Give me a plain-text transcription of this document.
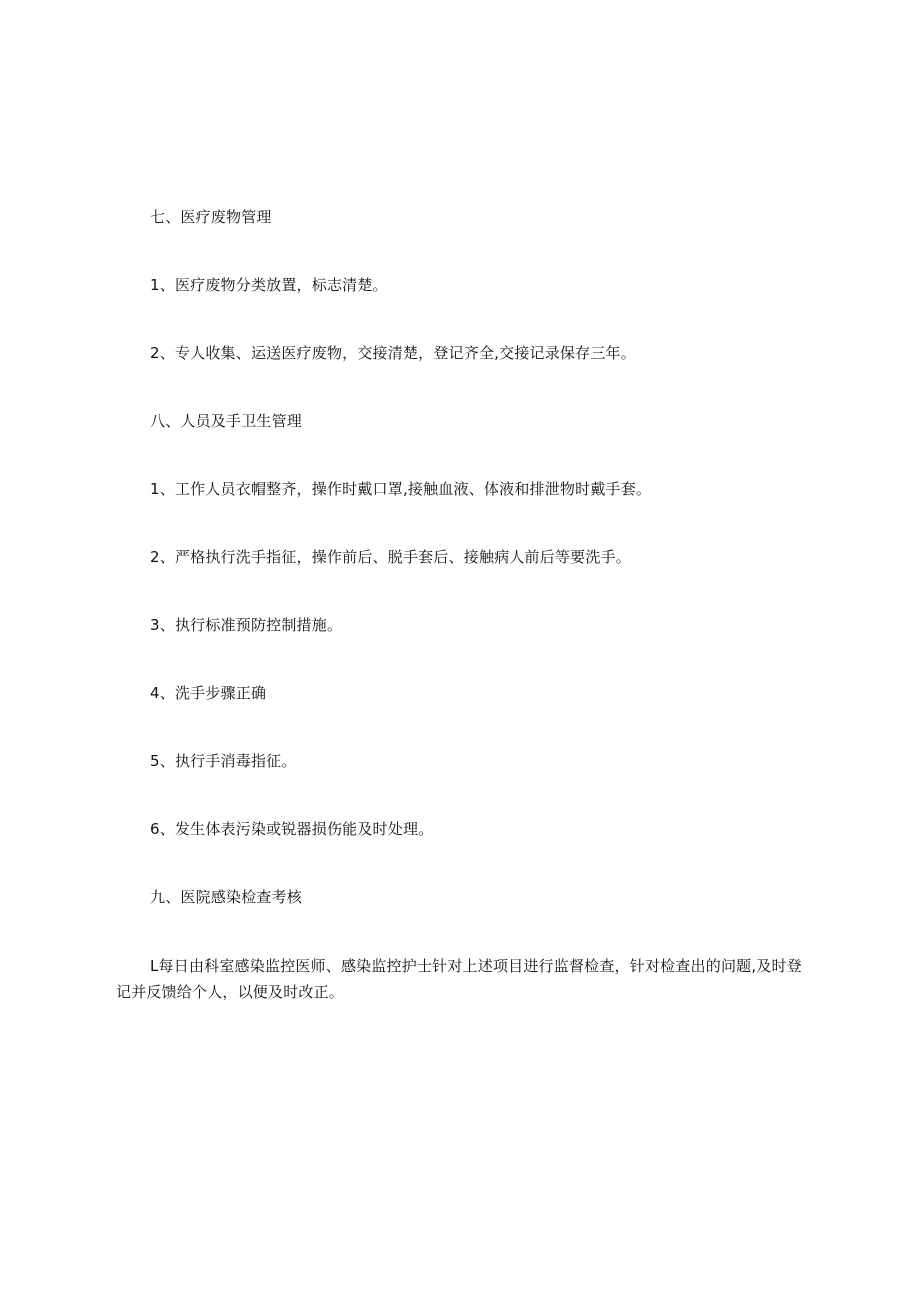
七、医疗废物管理
1、医疗废物分类放置，标志清楚。
2、专人收集、运送医疗废物，交接清楚，登记齐全,交接记录保存三年。
八、人员及手卫生管理
1、工作人员衣帽整齐，操作时戴口罩,接触血液、体液和排泄物时戴手套。
2、严格执行洗手指征，操作前后、脱手套后、接触病人前后等要洗手。
3、执行标准预防控制措施。
4、洗手步骤正确
5、执行手消毒指征。
6、发生体表污染或锐器损伤能及时处理。
九、医院感染检查考核
L每日由科室感染监控医师、感染监控护士针对上述项目进行监督检查，针对检查出的问题,及时登记并反馈给个人，以便及时改正。
